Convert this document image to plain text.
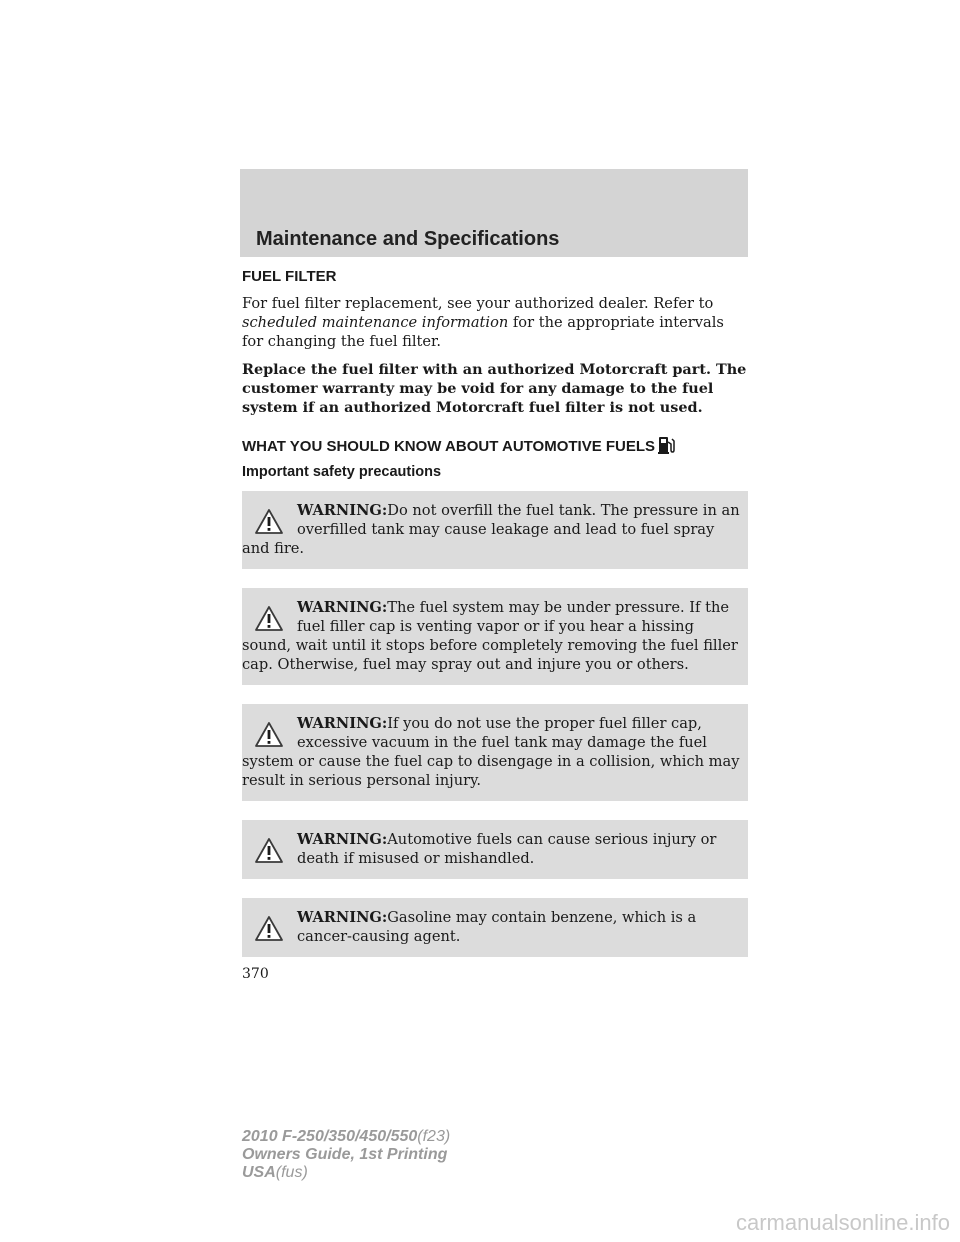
Maintenance and Specifications
FUEL FILTER

For fuel filter replacement, see your authorized dealer. Refer to scheduled maintenance information for the appropriate intervals for changing the fuel filter.

Replace the fuel filter with an authorized Motorcraft part. The customer warranty may be void for any damage to the fuel system if an authorized Motorcraft fuel filter is not used.

WHAT YOU SHOULD KNOW ABOUT AUTOMOTIVE FUELS
Important safety precautions
WARNING:Do not overfill the fuel tank. The pressure in an overfilled tank may cause leakage and lead to fuel spray and fire.
WARNING:The fuel system may be under pressure. If the fuel filler cap is venting vapor or if you hear a hissing sound, wait until it stops before completely removing the fuel filler cap. Otherwise, fuel may spray out and injure you or others.
WARNING:If you do not use the proper fuel filler cap, excessive vacuum in the fuel tank may damage the fuel system or cause the fuel cap to disengage in a collision, which may result in serious personal injury.
WARNING:Automotive fuels can cause serious injury or death if misused or mishandled.
WARNING:Gasoline may contain benzene, which is a cancer-causing agent.

370

2010 F-250/350/450/550(f23)
Owners Guide, 1st Printing
USA(fus)

carmanualsonline.info
